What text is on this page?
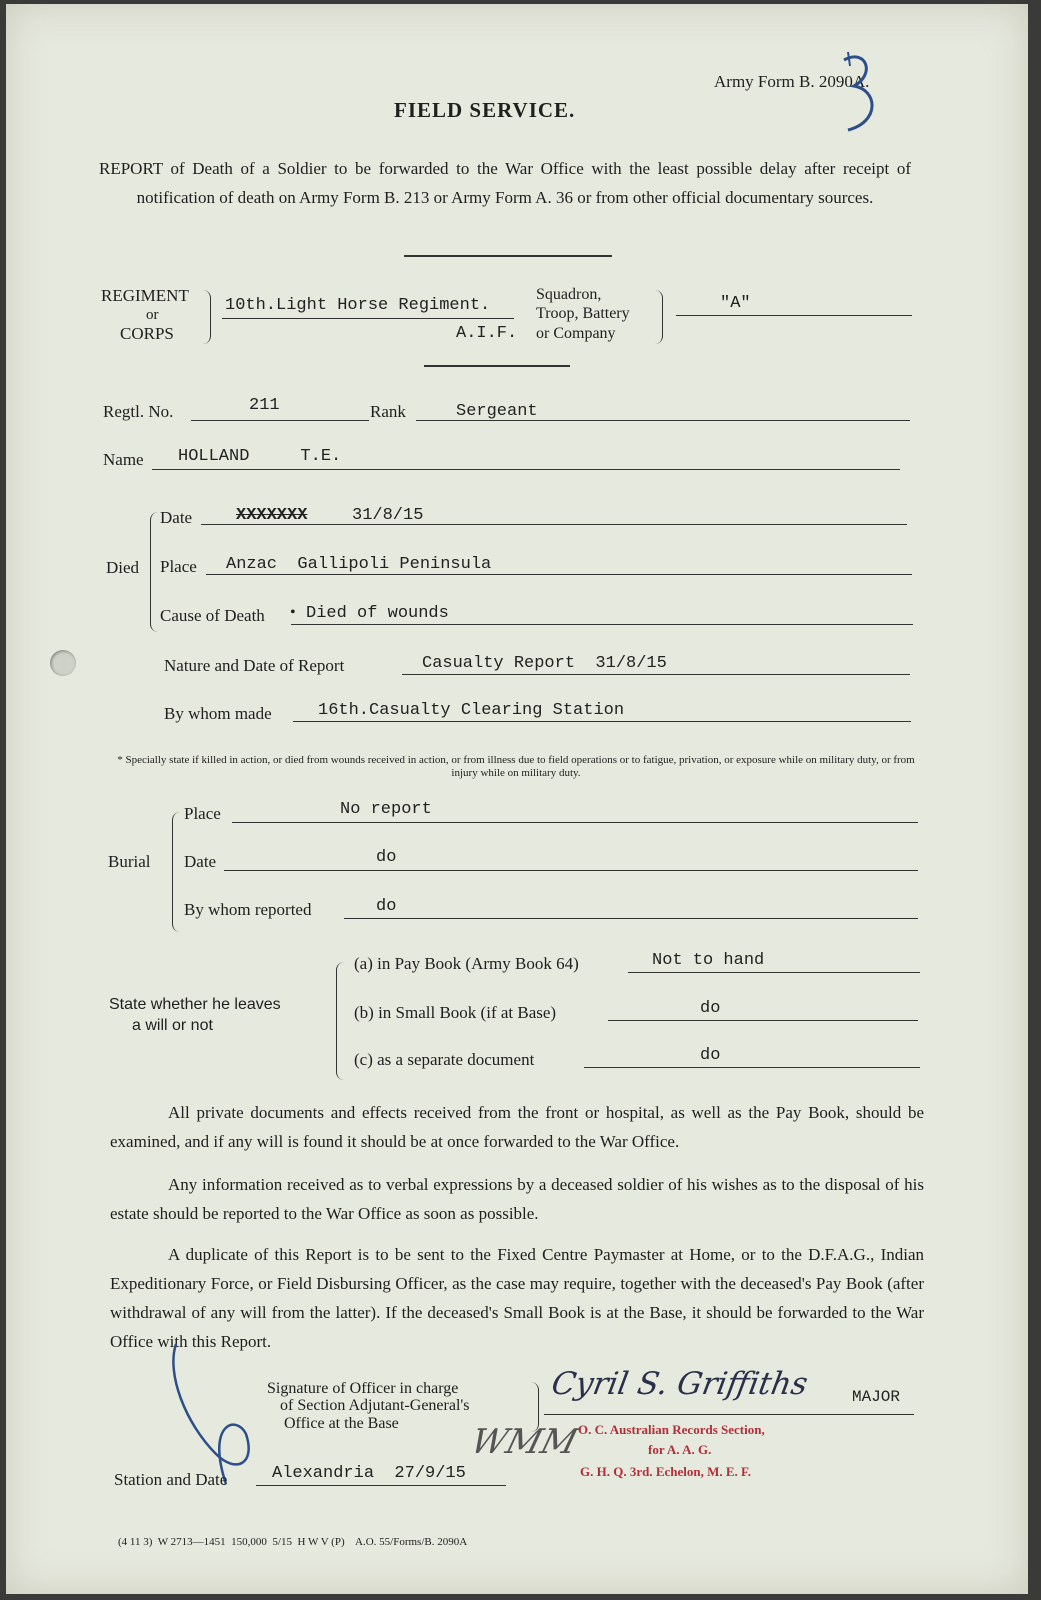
Army Form B. 2090A.
FIELD SERVICE.
REPORT of Death of a Soldier to be forwarded to the War Office with the least possible delay after receipt of notification of death on Army Form B. 213 or Army Form A. 36 or from other official documentary sources.
REGIMENT
or
CORPS
10th.Light Horse Regiment.
A.I.F.
Squadron,
Troop, Battery
or Company
"A"
Regtl. No.	211	Rank	Sergeant
Name HOLLAND     T.E.
Died
Date	XXXXXXX	31/8/15
Place Anzac  Gallipoli Peninsula
Cause of Death • Died of wounds
Nature and Date of Report	Casualty Report  31/8/15
By whom made	16th.Casualty Clearing Station
* Specially state if killed in action, or died from wounds received in action, or from illness due to field operations or to fatigue, privation, or exposure while on military duty, or from injury while on military duty.
Burial
Place	No report
Date	do
By whom reported	do
State whether he leaves
a will or not
(a) in Pay Book (Army Book 64)	Not to hand
(b) in Small Book (if at Base)	do
(c) as a separate document	do
All private documents and effects received from the front or hospital, as well as the Pay Book, should be examined, and if any will is found it should be at once forwarded to the War Office.
Any information received as to verbal expressions by a deceased soldier of his wishes as to the disposal of his estate should be reported to the War Office as soon as possible.
A duplicate of this Report is to be sent to the Fixed Centre Paymaster at Home, or to the D.F.A.G., Indian Expeditionary Force, or Field Disbursing Officer, as the case may require, together with the deceased's Pay Book (after withdrawal of any will from the latter). If the deceased's Small Book is at the Base, it should be forwarded to the War Office with this Report.
Signature of Officer in charge
of Section Adjutant-General's
Office at the Base
Cyril S. Griffiths	MAJOR
WMM
O. C. Australian Records Section,
for A. A. G.
G. H. Q. 3rd. Echelon, M. E. F.
Station and Date	Alexandria  27/9/15
(4 11 3)  W 2713—1451  150,000  5/15  H W V (P)    A.O. 55/Forms/B. 2090A
